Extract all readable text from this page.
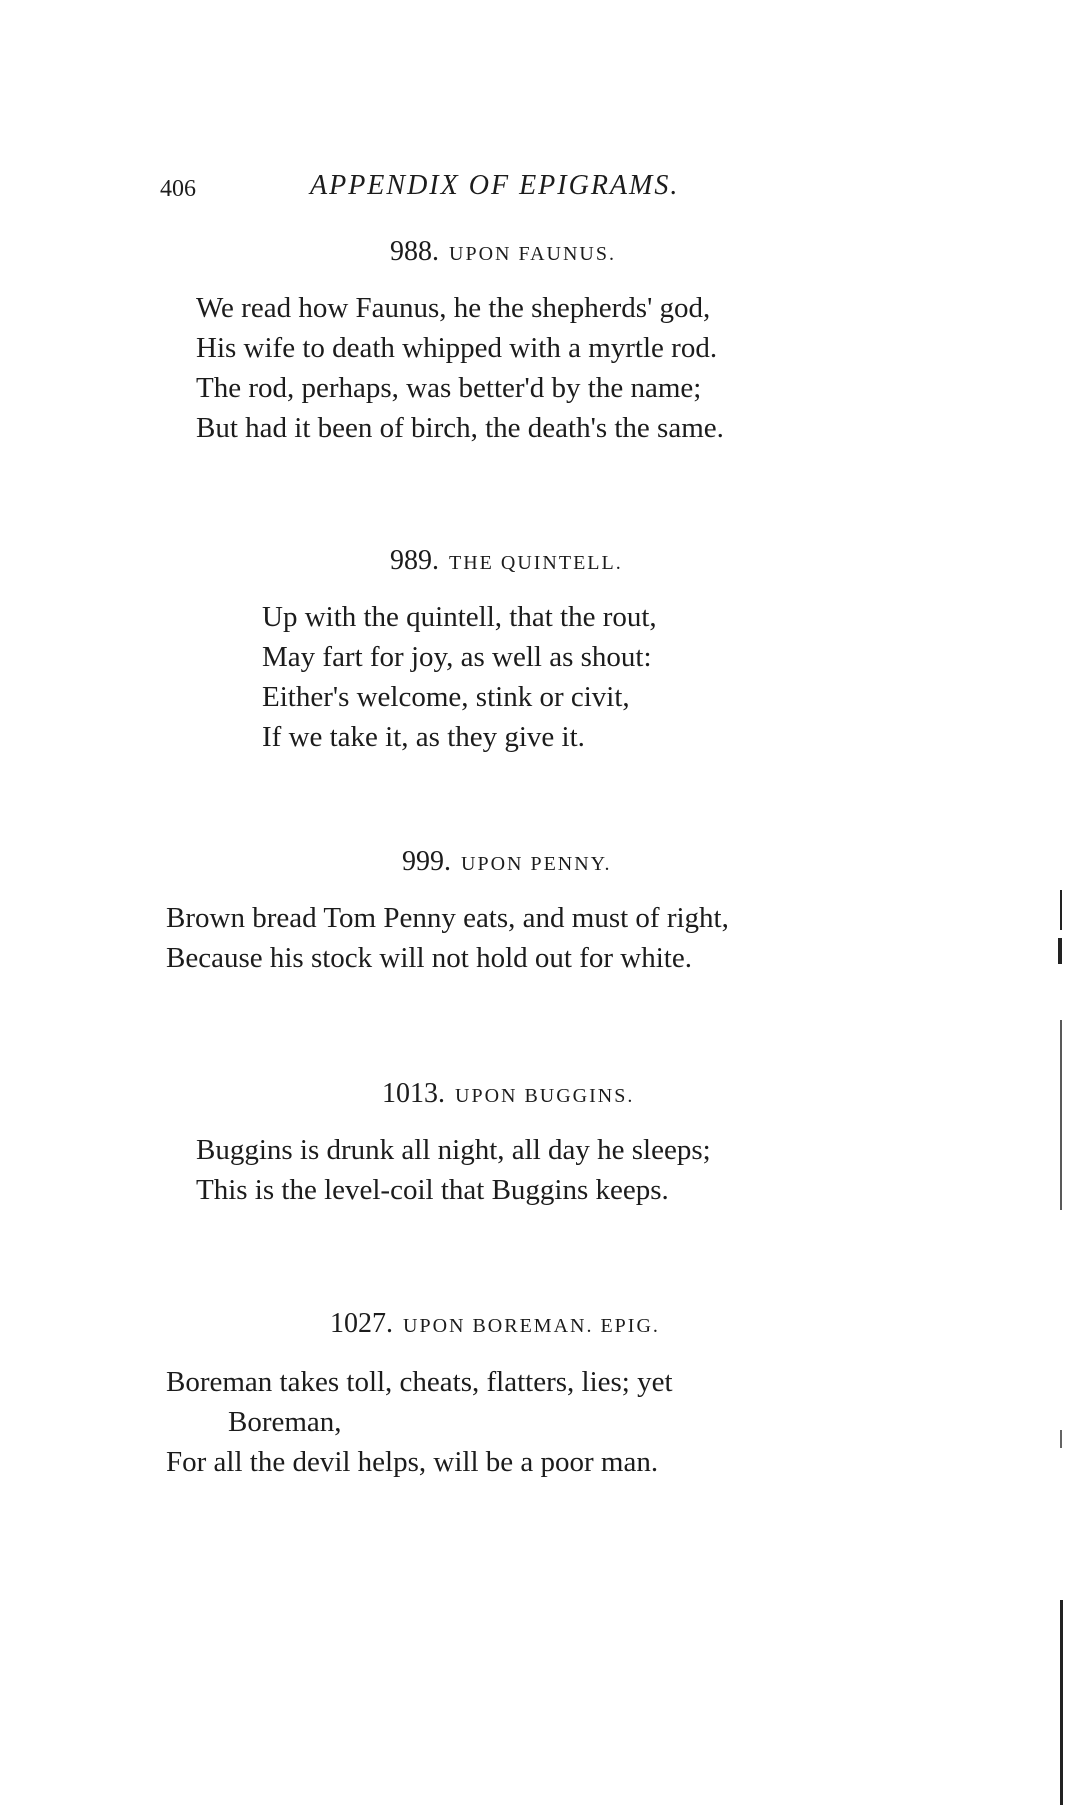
406	APPENDIX OF EPIGRAMS.
988. UPON FAUNUS.
We read how Faunus, he the shepherds' god,
His wife to death whipped with a myrtle rod.
The rod, perhaps, was better'd by the name;
But had it been of birch, the death's the same.
989. THE QUINTELL.
Up with the quintell, that the rout,
May fart for joy, as well as shout:
Either's welcome, stink or civit,
If we take it, as they give it.
999. UPON PENNY.
Brown bread Tom Penny eats, and must of right,
Because his stock will not hold out for white.
1013. UPON BUGGINS.
Buggins is drunk all night, all day he sleeps;
This is the level-coil that Buggins keeps.
1027. UPON BOREMAN. EPIG.
Boreman takes toll, cheats, flatters, lies; yet
Boreman,
For all the devil helps, will be a poor man.
